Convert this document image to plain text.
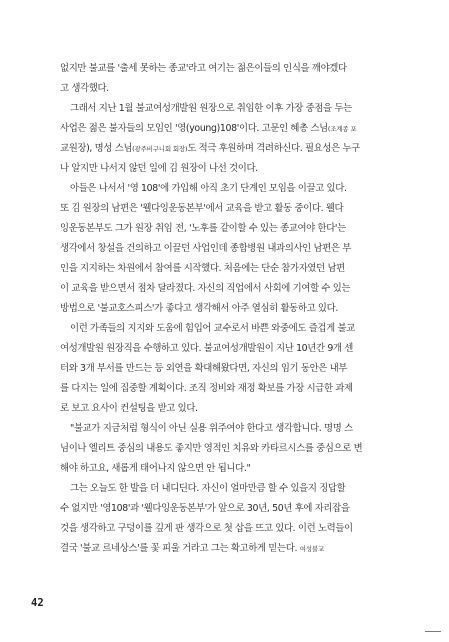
없지만 불교를 '출세 못하는 종교'라고 여기는 젊은이들의 인식을 깨야겠다
고 생각했다.
그래서 지난 1월 불교여성개발원 원장으로 취임한 이후 가장 중점을 두는
사업은 젊은 불자들의 모임인 '영(young)108'이다. 고문인 혜총 스님(조계종 포
교원장), 명성 스님(광주비구니회 회장)도 적극 후원하며 격려하신다. 필요성은 누구
나 알지만 나서지 않던 일에 김 원장이 나선 것이다.
아들은 나서서 '영 108'에 가입해 아직 초기 단계인 모임을 이끌고 있다.
또 김 원장의 남편은 '웰다잉운동본부'에서 교육을 받고 활동 중이다. 웰다
잉운동본부도 그가 원장 취임 전, '노후를 같이할 수 있는 종교여야 한다'는
생각에서 창설을 건의하고 이끌던 사업인데 종합병원 내과의사인 남편은 부
인을 지지하는 차원에서 참여를 시작했다. 처음에는 단순 참가자였던 남편
이 교육을 받으면서 점차 달라졌다. 자신의 직업에서 사회에 기여할 수 있는
방법으로 '불교호스피스'가 좋다고 생각해서 아주 열심히 활동하고 있다.
이런 가족들의 지지와 도움에 힘입어 교수로서 바쁜 와중에도 즐겁게 불교
여성개발원 원장직을 수행하고 있다. 불교여성개발원이 지난 10년간 9개 센
터와 3개 부서를 만드는 등 외연을 확대해왔다면, 자신의 임기 동안은 내부
를 다지는 일에 집중할 계획이다. 조직 정비와 재정 확보를 가장 시급한 과제
로 보고 요사이 컨설팅을 받고 있다.
"불교가 지금처럼 형식이 아닌 실용 위주여야 한다고 생각합니다. 명명 스
님이나 엘리트 중심의 내용도 좋지만 영적인 치유와 카타르시스를 중심으로 변
해야 하고요, 새롭게 태어나지 않으면 안 됩니다."
그는 오늘도 한 발을 더 내디딘다. 자신이 얼마만큼 할 수 있을지 징답할
수 없지만 '영108'과 '웰다잉운동본부'가 앞으로 30년, 50년 후에 자리잡을
것을 생각하고 구덩이를 깊게 판 생각으로 첫 삽을 뜨고 있다. 이런 노력들이
결국 '불교 르네상스'를 꽃 피울 거라고 그는 확고하게 믿는다. 여성불교
42
